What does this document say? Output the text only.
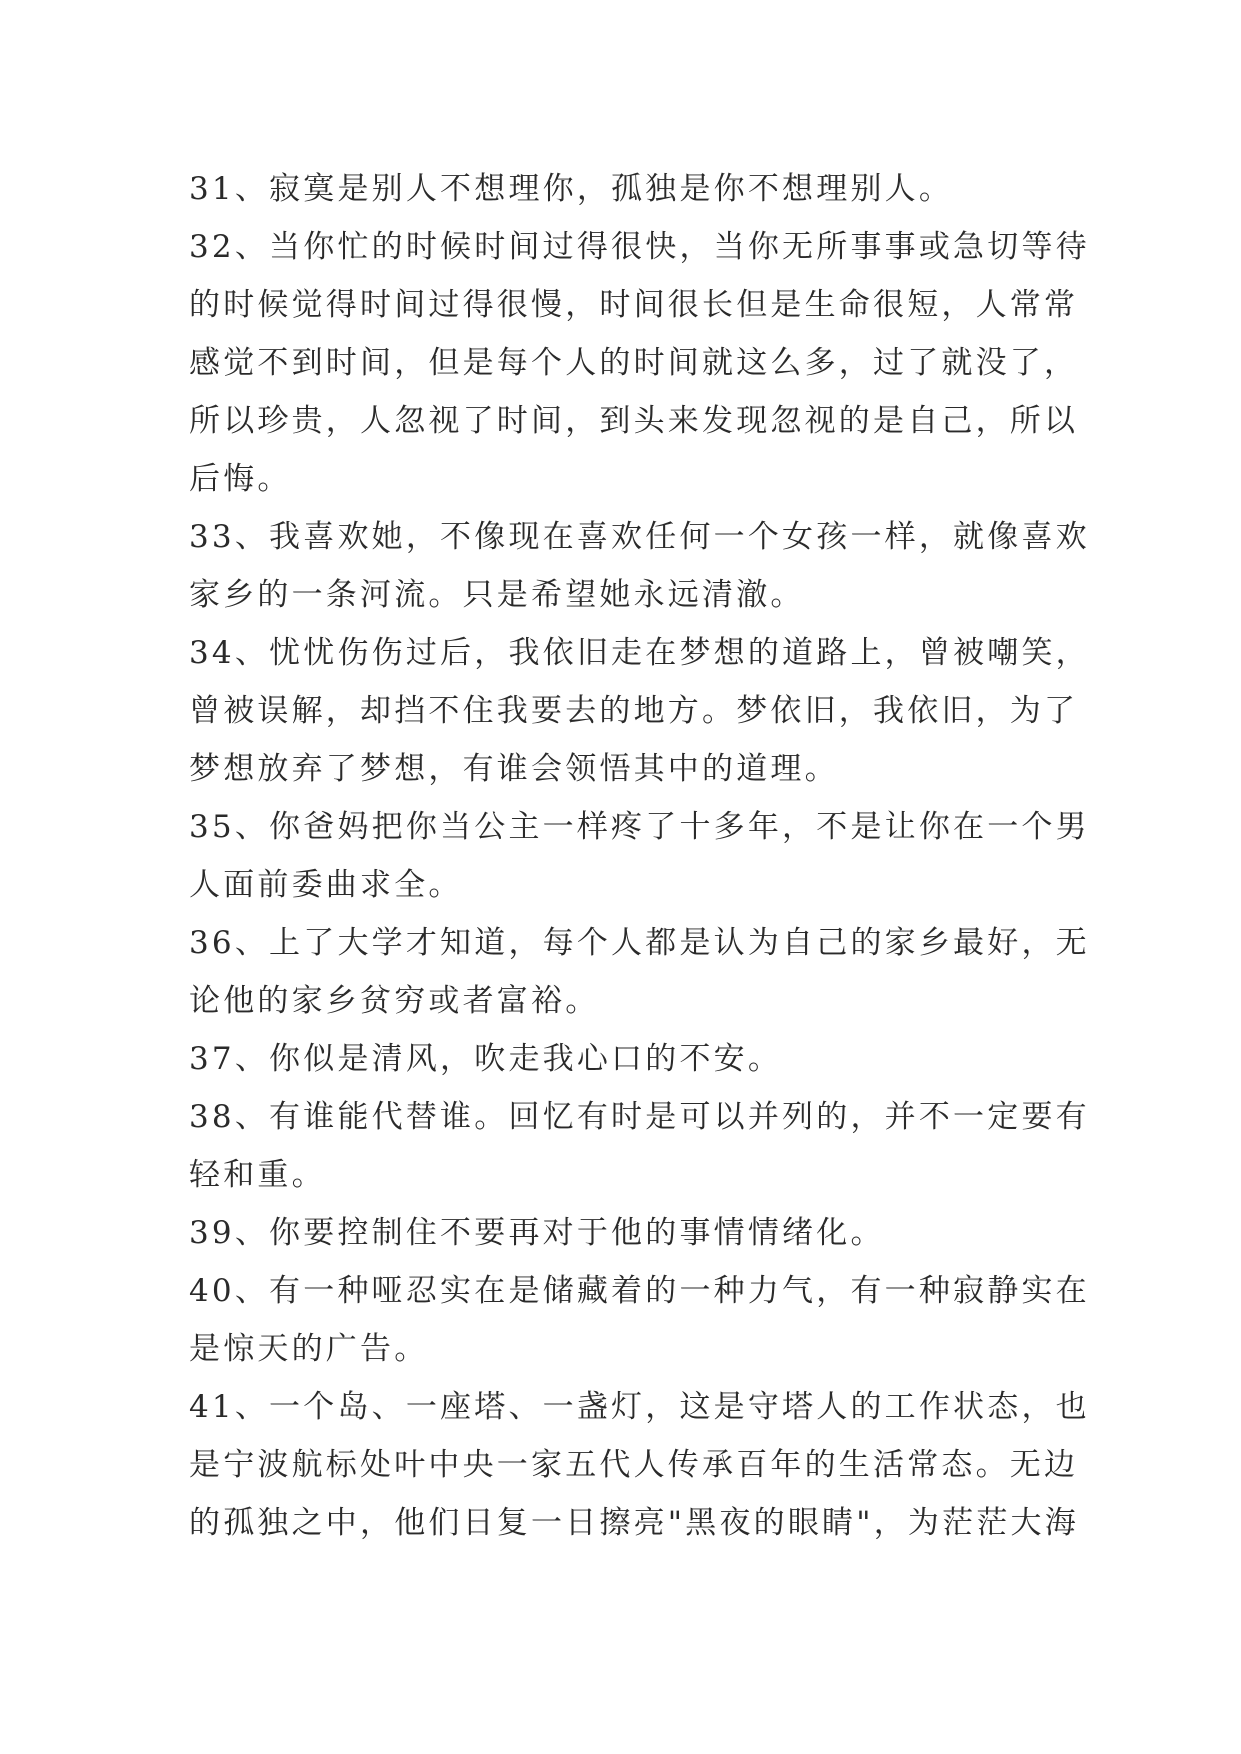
31、寂寞是别人不想理你，孤独是你不想理别人。
32、当你忙的时候时间过得很快，当你无所事事或急切等待
的时候觉得时间过得很慢，时间很长但是生命很短，人常常
感觉不到时间，但是每个人的时间就这么多，过了就没了，
所以珍贵，人忽视了时间，到头来发现忽视的是自己，所以
后悔。
33、我喜欢她，不像现在喜欢任何一个女孩一样，就像喜欢
家乡的一条河流。只是希望她永远清澈。
34、忧忧伤伤过后，我依旧走在梦想的道路上，曾被嘲笑，
曾被误解，却挡不住我要去的地方。梦依旧，我依旧，为了
梦想放弃了梦想，有谁会领悟其中的道理。
35、你爸妈把你当公主一样疼了十多年，不是让你在一个男
人面前委曲求全。
36、上了大学才知道，每个人都是认为自己的家乡最好，无
论他的家乡贫穷或者富裕。
37、你似是清风，吹走我心口的不安。
38、有谁能代替谁。回忆有时是可以并列的，并不一定要有
轻和重。
39、你要控制住不要再对于他的事情情绪化。
40、有一种哑忍实在是储藏着的一种力气，有一种寂静实在
是惊天的广告。
41、一个岛、一座塔、一盏灯，这是守塔人的工作状态，也
是宁波航标处叶中央一家五代人传承百年的生活常态。无边
的孤独之中，他们日复一日擦亮"黑夜的眼睛"，为茫茫大海
